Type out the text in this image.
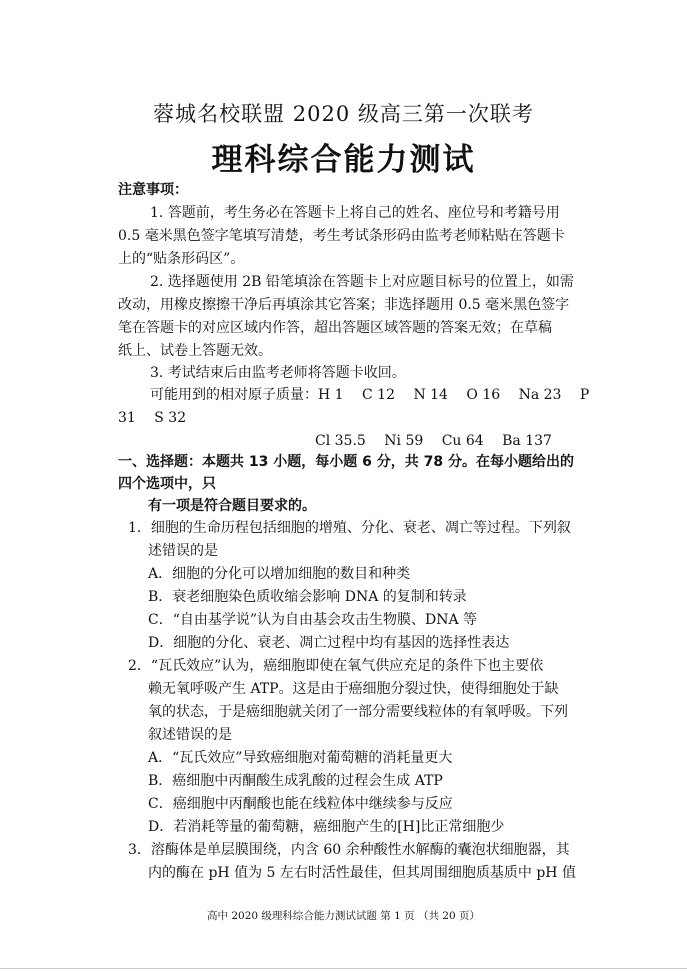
蓉城名校联盟 2020 级高三第一次联考
理科综合能力测试
注意事项：
1. 答题前，考生务必在答题卡上将自己的姓名、座位号和考籍号用
0.5 毫米黑色签字笔填写清楚，考生考试条形码由监考老师粘贴在答题卡
上的“贴条形码区”。
2. 选择题使用 2B 铅笔填涂在答题卡上对应题目标号的位置上，如需
改动，用橡皮擦擦干净后再填涂其它答案；非选择题用 0.5 毫米黑色签字
笔在答题卡的对应区域内作答，超出答题区域答题的答案无效；在草稿
纸上、试卷上答题无效。
3. 考试结束后由监考老师将答题卡收回。
可能用到的相对原子质量：H 1　 C 12　 N 14　 O 16　 Na 23　 P
31　 S 32
Cl 35.5　 Ni 59　 Cu 64　 Ba 137
一、选择题：本题共 13 小题，每小题 6 分，共 78 分。在每小题给出的
四个选项中，只
有一项是符合题目要求的。
1．细胞的生命历程包括细胞的增殖、分化、衰老、凋亡等过程。下列叙
述错误的是
A．细胞的分化可以增加细胞的数目和种类
B．衰老细胞染色质收缩会影响 DNA 的复制和转录
C．“自由基学说”认为自由基会攻击生物膜、DNA 等
D．细胞的分化、衰老、凋亡过程中均有基因的选择性表达
2．“瓦氏效应”认为，癌细胞即使在氧气供应充足的条件下也主要依
赖无氧呼吸产生 ATP。这是由于癌细胞分裂过快，使得细胞处于缺
氧的状态，于是癌细胞就关闭了一部分需要线粒体的有氧呼吸。下列
叙述错误的是
A．“瓦氏效应”导致癌细胞对葡萄糖的消耗量更大
B．癌细胞中丙酮酸生成乳酸的过程会生成 ATP
C．癌细胞中丙酮酸也能在线粒体中继续参与反应
D．若消耗等量的葡萄糖，癌细胞产生的[H]比正常细胞少
3．溶酶体是单层膜围绕，内含 60 余种酸性水解酶的囊泡状细胞器，其
内的酶在 pH 值为 5 左右时活性最佳，但其周围细胞质基质中 pH 值
高中 2020 级理科综合能力测试试题 第 1 页 （共 20 页）
